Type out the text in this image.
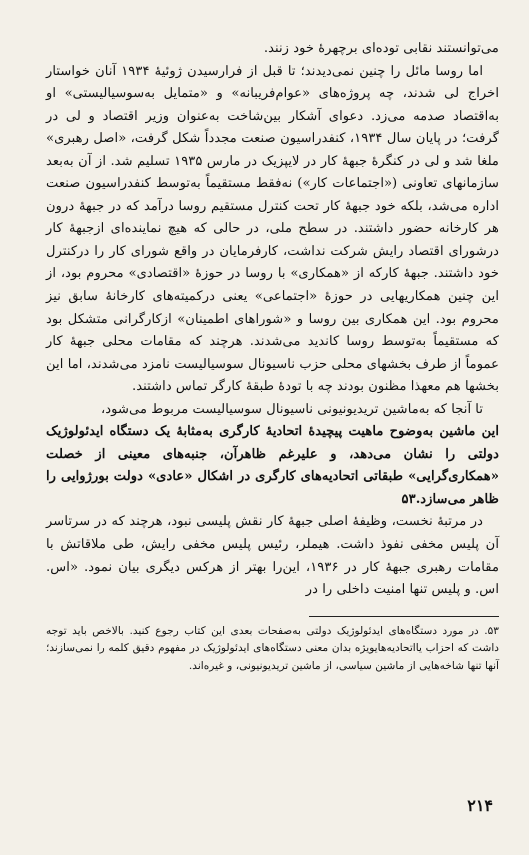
می‌توانستند نقابی توده‌ای برچهرهٔ خود زنند.

اما روسا مائل را چنین نمی‌دیدند؛ تا قبل از فرارسیدن ژوئیهٔ ۱۹۳۴ آنان خواستار اخراج لی شدند، چه پروژه‌های «عوام‌فریبانه» و «متمایل به‌سوسیالیستی» او به‌اقتصاد صدمه می‌زد. دعوای آشکار بین‌شاخت به‌عنوان وزیر اقتصاد و لی در گرفت؛ در پایان سال ۱۹۳۴، کنفدراسیون صنعت مجدداً شکل گرفت، «اصل رهبری» ملغا شد و لی در کنگرهٔ جبههٔ کار در لایپزیک در مارس ۱۹۳۵ تسلیم شد. از آن به‌بعد سازمانهای تعاونی («اجتماعات کار») نه‌فقط مستقیماً به‌توسط کنفدراسیون صنعت اداره می‌شد، بلکه خود جبههٔ کار تحت کنترل مستقیم روسا درآمد که در جبههٔ درون هر کارخانه حضور داشتند. در سطح ملی، در حالی که هیچ نماینده‌ای ازجبههٔ کار درشورای اقتصاد رایش شرکت نداشت، کارفرمایان در واقع شورای کار را درکنترل خود داشتند. جبههٔ کارکه از «همکاری» با روسا در حوزهٔ «اقتصادی» محروم بود، از این چنین همکاریهایی در حوزهٔ «اجتماعی» یعنی درکمیته‌های کارخانهٔ سابق نیز محروم بود. این همکاری بین روسا و «شوراهای اطمینان» ازکارگرانی متشکل بود که مستقیماً به‌توسط روسا کاندید می‌شدند. هرچند که مقامات محلی جبههٔ کار عموماً از طرف بخشهای محلی حزب ناسیونال سوسیالیست نامزد می‌شدند، اما این بخشها هم معهذا مظنون بودند چه با تودهٔ طبقهٔ کارگر تماس داشتند.

تا آنجا که به‌ماشین تریدیونیونی ناسیونال سوسیالیست مربوط می‌شود،

این ماشین به‌وضوح ماهیت پیچیدهٔ اتحادیهٔ کارگری به‌مثابهٔ یک دستگاه ایدئولوژیک دولتی را نشان می‌دهد، و علیرغم ظاهرآن، جنبه‌های معینی از خصلت «همکاری‌گرایی» طبقاتی اتحادیه‌های کارگری در اشکال «عادی» دولت بورژوایی را ظاهر می‌سازد.۵۳

در مرتبهٔ نخست، وظیفهٔ اصلی جبههٔ کار نقش پلیسی نبود، هرچند که در سرتاسر آن پلیس مخفی نفوذ داشت. هیملر، رئیس پلیس مخفی رایش، طی ملاقاتش با مقامات رهبری جبههٔ کار در ۱۹۳۶، این‌را بهتر از هرکس دیگری بیان نمود. «اس. اس. و پلیس تنها امنیت داخلی را در

۵۳. در مورد دستگاه‌های ایدئولوژیک دولتی به‌صفحات بعدی این کتاب رجوع کنید. بالاخص باید توجه داشت که احزاب یااتحادیه‌هایویژه بدان معنی دستگاه‌های ایدئولوژیک در مفهوم دقیق کلمه را نمی‌سازند؛ آنها تنها شاخه‌هایی از ماشین سیاسی، از ماشین تریدیونیونی، و غیره‌اند.

۲۱۴
